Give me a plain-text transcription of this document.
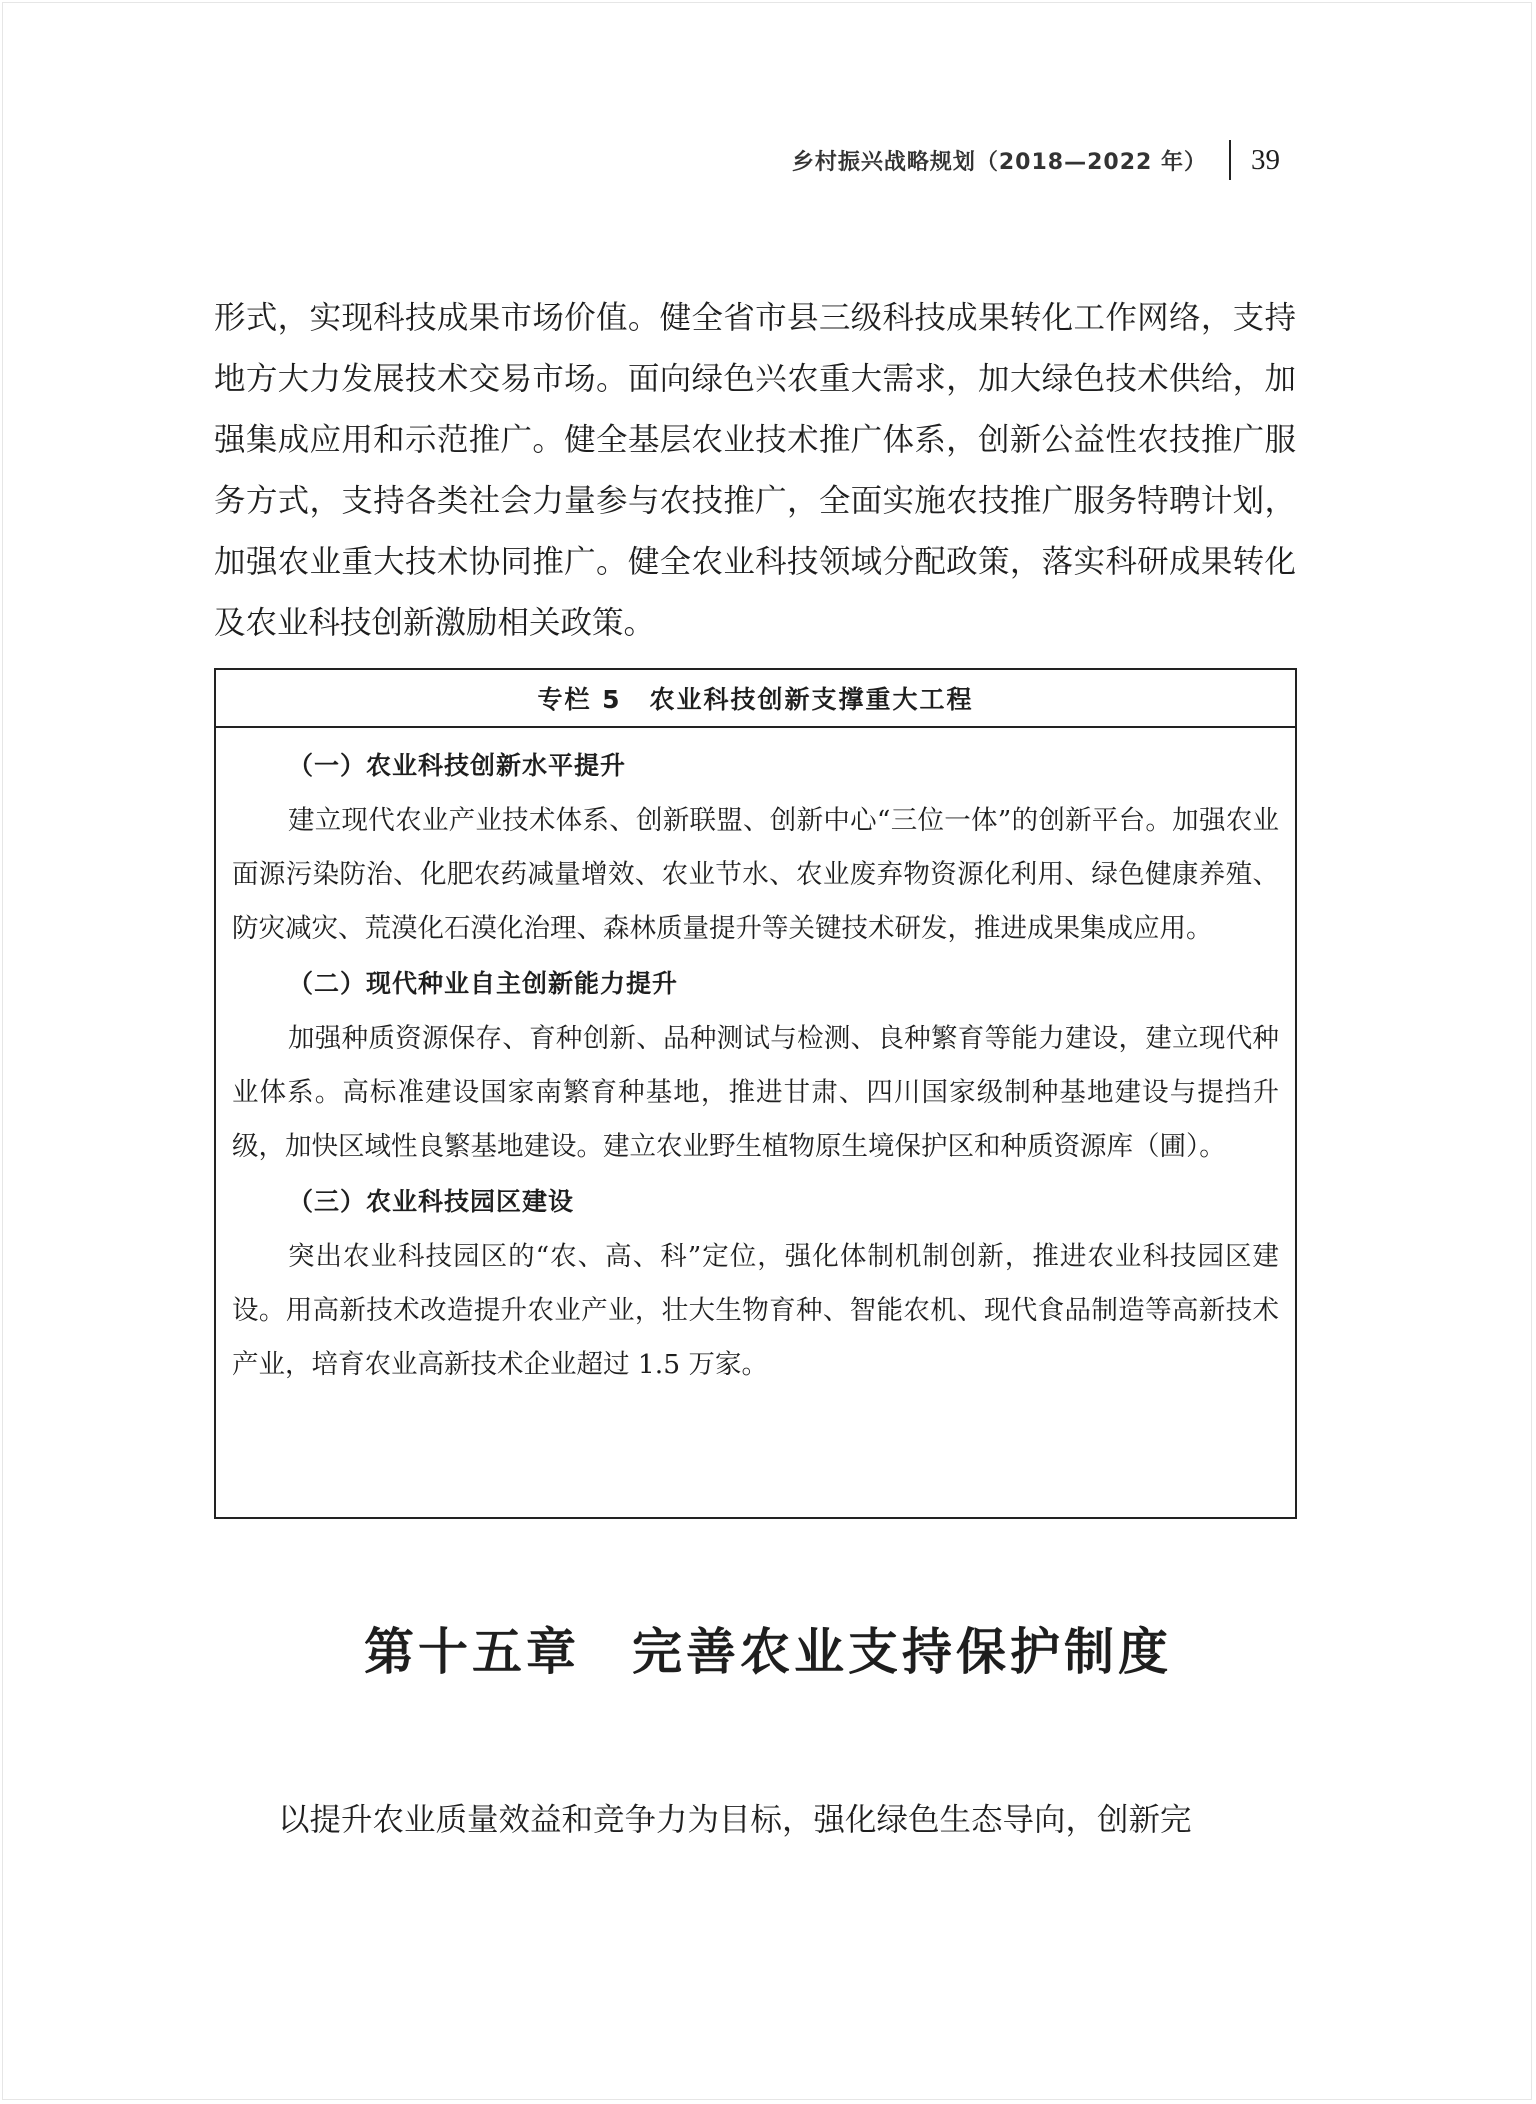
乡村振兴战略规划（2018—2022 年）	39

形式，实现科技成果市场价值。健全省市县三级科技成果转化工作网络，支持地方大力发展技术交易市场。面向绿色兴农重大需求，加大绿色技术供给，加强集成应用和示范推广。健全基层农业技术推广体系，创新公益性农技推广服务方式，支持各类社会力量参与农技推广，全面实施农技推广服务特聘计划，加强农业重大技术协同推广。健全农业科技领域分配政策，落实科研成果转化及农业科技创新激励相关政策。

专栏 5 农业科技创新支撑重大工程

（一）农业科技创新水平提升

建立现代农业产业技术体系、创新联盟、创新中心“三位一体”的创新平台。加强农业面源污染防治、化肥农药减量增效、农业节水、农业废弃物资源化利用、绿色健康养殖、防灾减灾、荒漠化石漠化治理、森林质量提升等关键技术研发，推进成果集成应用。

（二）现代种业自主创新能力提升

加强种质资源保存、育种创新、品种测试与检测、良种繁育等能力建设，建立现代种业体系。高标准建设国家南繁育种基地，推进甘肃、四川国家级制种基地建设与提挡升级，加快区域性良繁基地建设。建立农业野生植物原生境保护区和种质资源库（圃）。

（三）农业科技园区建设

突出农业科技园区的“农、高、科”定位，强化体制机制创新，推进农业科技园区建设。用高新技术改造提升农业产业，壮大生物育种、智能农机、现代食品制造等高新技术产业，培育农业高新技术企业超过 1.5 万家。

第十五章 完善农业支持保护制度

以提升农业质量效益和竞争力为目标，强化绿色生态导向，创新完
